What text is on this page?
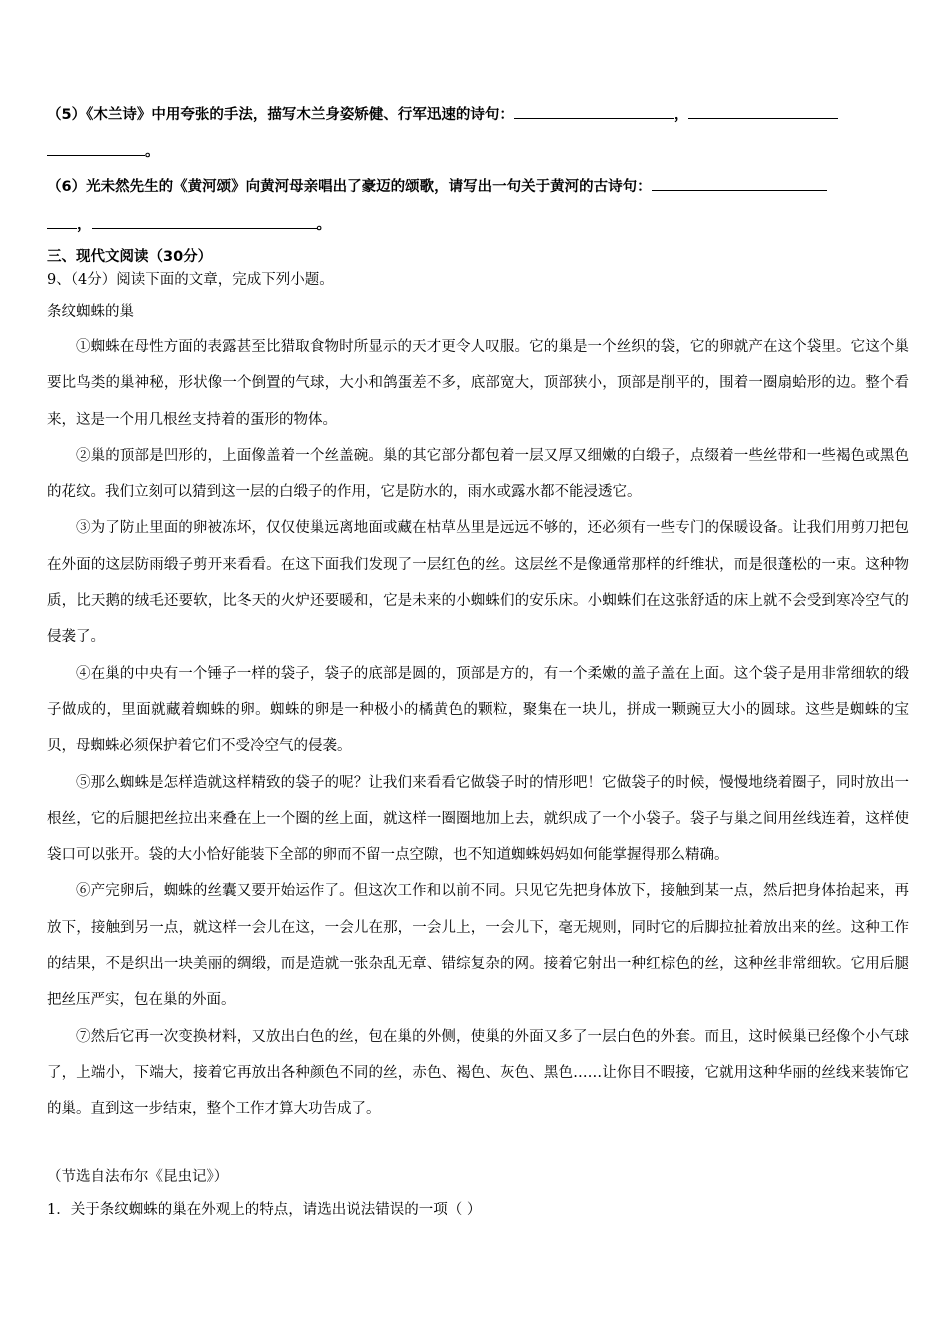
（5）《木兰诗》中用夸张的手法，描写木兰身姿矫健、行军迅速的诗句：	，
。
（6）光未然先生的《黄河颂》向黄河母亲唱出了豪迈的颂歌，请写出一句关于黄河的古诗句：
，	。
三、现代文阅读（30分）
9、（4分）阅读下面的文章，完成下列小题。
条纹蜘蛛的巢

①蜘蛛在母性方面的表露甚至比猎取食物时所显示的天才更令人叹服。它的巢是一个丝织的袋，它的卵就产在这个袋里。它这个巢要比鸟类的巢神秘，形状像一个倒置的气球，大小和鸽蛋差不多，底部宽大，顶部狭小，顶部是削平的，围着一圈扇蛤形的边。整个看来，这是一个用几根丝支持着的蛋形的物体。

②巢的顶部是凹形的，上面像盖着一个丝盖碗。巢的其它部分都包着一层又厚又细嫩的白缎子，点缀着一些丝带和一些褐色或黑色的花纹。我们立刻可以猜到这一层的白缎子的作用，它是防水的，雨水或露水都不能浸透它。

③为了防止里面的卵被冻坏，仅仅使巢远离地面或藏在枯草丛里是远远不够的，还必须有一些专门的保暖设备。让我们用剪刀把包在外面的这层防雨缎子剪开来看看。在这下面我们发现了一层红色的丝。这层丝不是像通常那样的纤维状，而是很蓬松的一束。这种物质，比天鹅的绒毛还要软，比冬天的火炉还要暖和，它是未来的小蜘蛛们的安乐床。小蜘蛛们在这张舒适的床上就不会受到寒冷空气的侵袭了。

④在巢的中央有一个锤子一样的袋子，袋子的底部是圆的，顶部是方的，有一个柔嫩的盖子盖在上面。这个袋子是用非常细软的缎子做成的，里面就藏着蜘蛛的卵。蜘蛛的卵是一种极小的橘黄色的颗粒，聚集在一块儿，拼成一颗豌豆大小的圆球。这些是蜘蛛的宝贝，母蜘蛛必须保护着它们不受冷空气的侵袭。

⑤那么蜘蛛是怎样造就这样精致的袋子的呢？让我们来看看它做袋子时的情形吧！它做袋子的时候，慢慢地绕着圈子，同时放出一根丝，它的后腿把丝拉出来叠在上一个圈的丝上面，就这样一圈圈地加上去，就织成了一个小袋子。袋子与巢之间用丝线连着，这样使袋口可以张开。袋的大小恰好能装下全部的卵而不留一点空隙，也不知道蜘蛛妈妈如何能掌握得那么精确。

⑥产完卵后，蜘蛛的丝囊又要开始运作了。但这次工作和以前不同。只见它先把身体放下，接触到某一点，然后把身体抬起来，再放下，接触到另一点，就这样一会儿在这，一会儿在那，一会儿上，一会儿下，毫无规则，同时它的后脚拉扯着放出来的丝。这种工作的结果，不是织出一块美丽的绸缎，而是造就一张杂乱无章、错综复杂的网。接着它射出一种红棕色的丝，这种丝非常细软。它用后腿把丝压严实，包在巢的外面。

⑦然后它再一次变换材料，又放出白色的丝，包在巢的外侧，使巢的外面又多了一层白色的外套。而且，这时候巢已经像个小气球了，上端小，下端大，接着它再放出各种颜色不同的丝，赤色、褐色、灰色、黑色……让你目不暇接，它就用这种华丽的丝线来装饰它的巢。直到这一步结束，整个工作才算大功告成了。

（节选自法布尔《昆虫记》）
1．关于条纹蜘蛛的巢在外观上的特点，请选出说法错误的一项（ ）
